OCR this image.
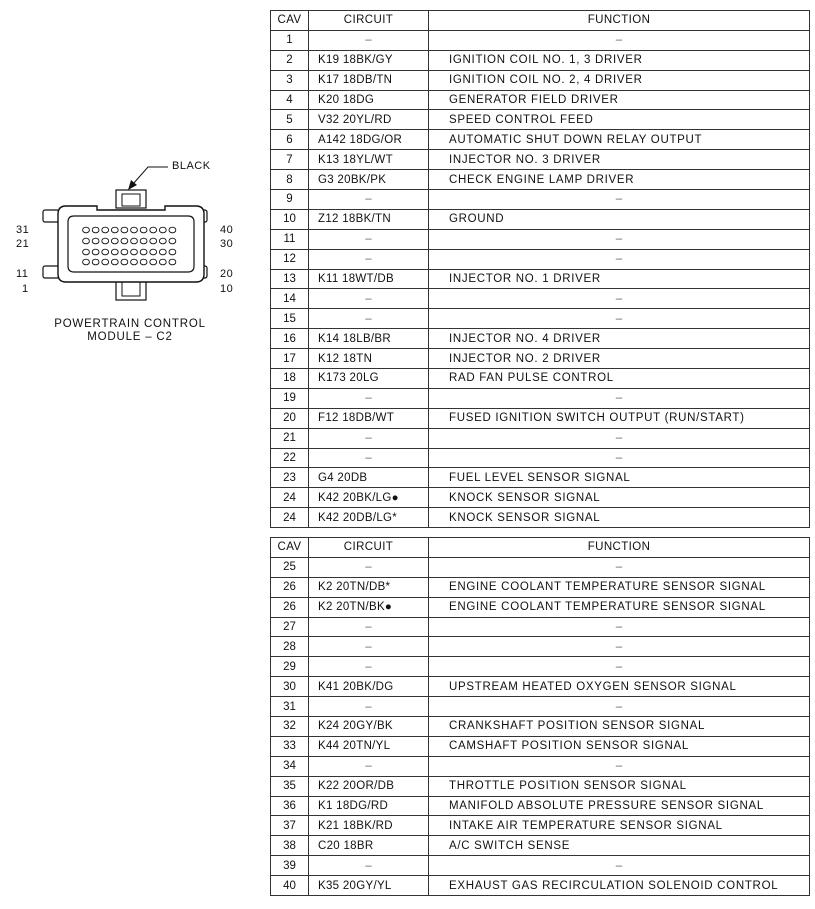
BLACK
31
21
11
1
40
30
20
10
POWERTRAIN CONTROL
MODULE – C2
CAV	CIRCUIT	FUNCTION
1	–	–
2	K19 18BK/GY	IGNITION COIL NO. 1, 3 DRIVER
3	K17 18DB/TN	IGNITION COIL NO. 2, 4 DRIVER
4	K20 18DG	GENERATOR FIELD DRIVER
5	V32 20YL/RD	SPEED CONTROL FEED
6	A142 18DG/OR	AUTOMATIC SHUT DOWN RELAY OUTPUT
7	K13 18YL/WT	INJECTOR NO. 3 DRIVER
8	G3 20BK/PK	CHECK ENGINE LAMP DRIVER
9	–	–
10	Z12 18BK/TN	GROUND
11	–	–
12	–	–
13	K11 18WT/DB	INJECTOR NO. 1 DRIVER
14	–	–
15	–	–
16	K14 18LB/BR	INJECTOR NO. 4 DRIVER
17	K12 18TN	INJECTOR NO. 2 DRIVER
18	K173 20LG	RAD FAN PULSE CONTROL
19	–	–
20	F12 18DB/WT	FUSED IGNITION SWITCH OUTPUT (RUN/START)
21	–	–
22	–	–
23	G4 20DB	FUEL LEVEL SENSOR SIGNAL
24	K42 20BK/LG●	KNOCK SENSOR SIGNAL
24	K42 20DB/LG*	KNOCK SENSOR SIGNAL
CAV	CIRCUIT	FUNCTION
25	–	–
26	K2 20TN/DB*	ENGINE COOLANT TEMPERATURE SENSOR SIGNAL
26	K2 20TN/BK●	ENGINE COOLANT TEMPERATURE SENSOR SIGNAL
27	–	–
28	–	–
29	–	–
30	K41 20BK/DG	UPSTREAM HEATED OXYGEN SENSOR SIGNAL
31	–	–
32	K24 20GY/BK	CRANKSHAFT POSITION SENSOR SIGNAL
33	K44 20TN/YL	CAMSHAFT POSITION SENSOR SIGNAL
34	–	–
35	K22 20OR/DB	THROTTLE POSITION SENSOR SIGNAL
36	K1 18DG/RD	MANIFOLD ABSOLUTE PRESSURE SENSOR SIGNAL
37	K21 18BK/RD	INTAKE AIR TEMPERATURE SENSOR SIGNAL
38	C20 18BR	A/C SWITCH SENSE
39	–	–
40	K35 20GY/YL	EXHAUST GAS RECIRCULATION SOLENOID CONTROL
